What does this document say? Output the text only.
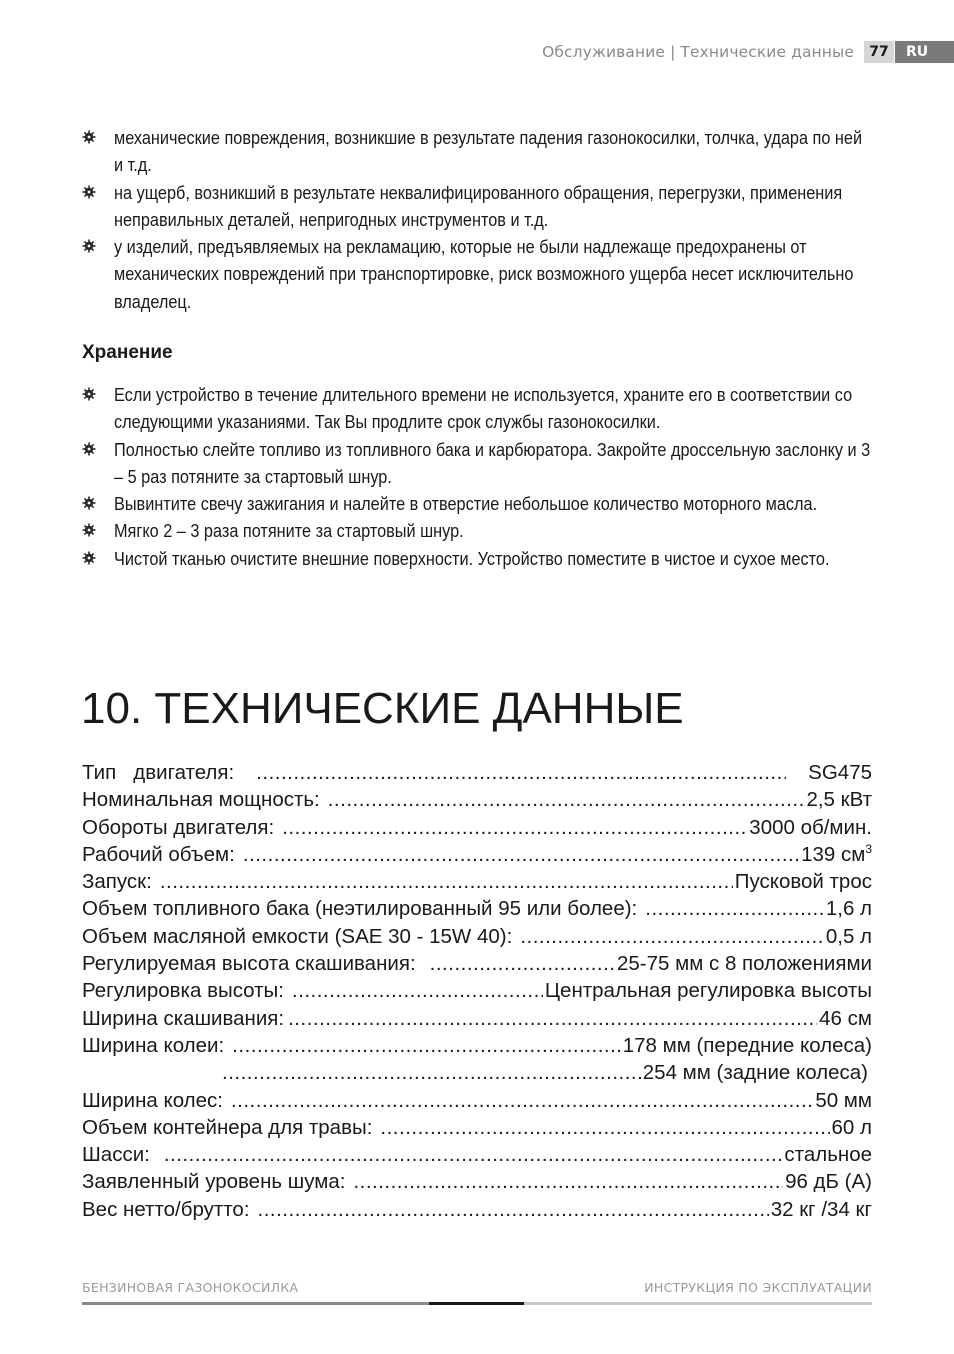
Обслуживание | Технические данные	77	RU
механические повреждения, возникшие в результате падения газонокосилки, толчка, удара по ней и т.д.
на ущерб, возникший в результате неквалифицированного обращения, перегрузки, применения неправильных деталей, непригодных инструментов и т.д.
у изделий, предъявляемых на рекламацию, которые не были надлежаще предохранены от механических повреждений при транспортировке, риск возможного ущерба несет исключительно владелец.
Хранение
Если устройство в течение длительного времени не используется, храните его в соответствии со следующими указаниями. Так Вы продлите срок службы газонокосилки.
Полностью слейте топливо из топливного бака и карбюратора. Закройте дроссельную заслонку и 3 – 5 раз потяните за стартовый шнур.
Вывинтите свечу зажигания и налейте в отверстие небольшое количество моторного масла.
Мягко 2 – 3 раза потяните за стартовый шнур.
Чистой тканью очистите внешние поверхности. Устройство поместите в чистое и сухое место.
10. ТЕХНИЧЕСКИЕ ДАННЫЕ
Тип   двигателя: .....	SG475
Номинальная мощность: .....	2,5 кВт
Обороты двигателя: .....	3000 об/мин.
Рабочий объем: .....	139 $см^3$
Запуск: .....	Пусковой трос
Объем топливного бака (неэтилированный 95 или более): .....	1,6 л
Объем масляной емкости (SAE 30 - 15W 40): .....	0,5 л
Регулируемая высота скашивания: .....	25-75 мм с 8 положениями
Регулировка высоты: .....	Центральная регулировка высоты
Ширина скашивания: .....	46 см
Ширина колеи: .....	178 мм (передние колеса)
.....
254 мм (задние колеса)
Ширина колес: .....	50 мм
Объем контейнера для травы: .....	60 л
Шасси: .....	стальное
Заявленный уровень шума: .....	96 дБ (А)
Вес нетто/брутто: .....	32 кг /34 кг
БЕНЗИНОВАЯ ГАЗОНОКОСИЛКА	ИНСТРУКЦИЯ ПО ЭКСПЛУАТАЦИИ
